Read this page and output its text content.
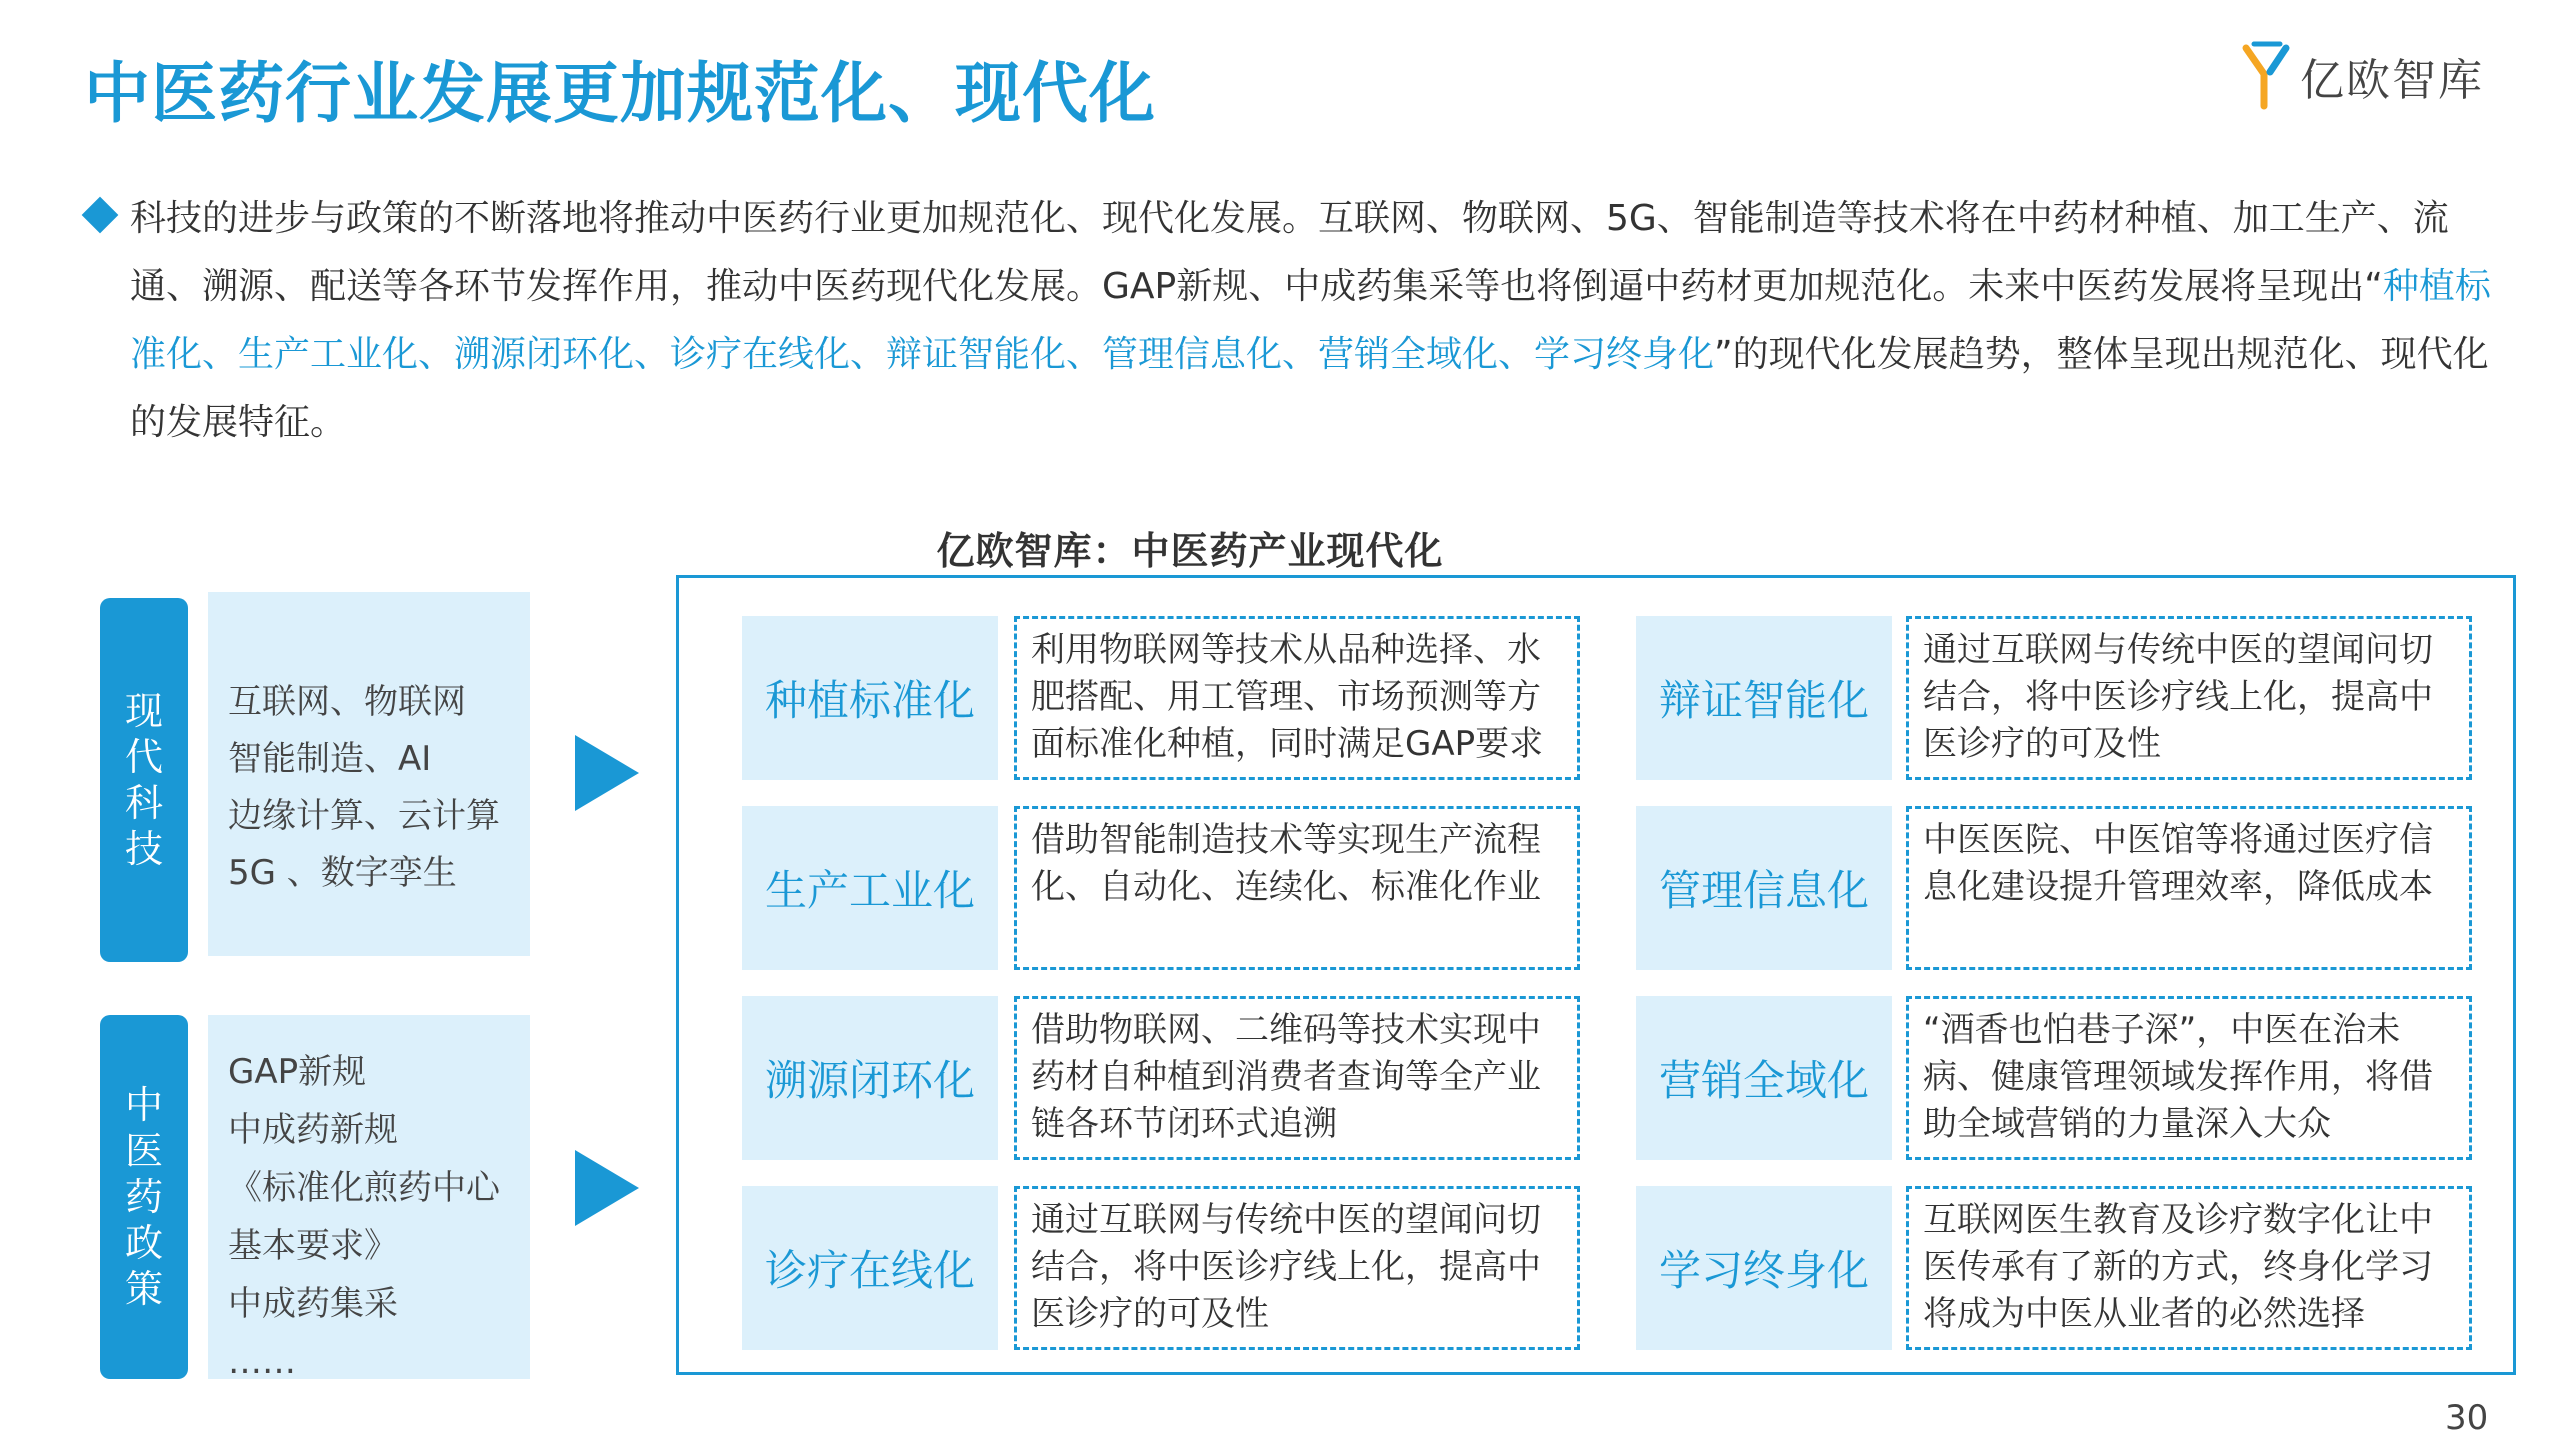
中医药行业发展更加规范化、现代化	亿欧智库
科技的进步与政策的不断落地将推动中医药行业更加规范化、现代化发展。互联网、物联网、5G、智能制造等技术将在中药材种植、加工生产、流通、溯源、配送等各环节发挥作用，推动中医药现代化发展。GAP新规、中成药集采等也将倒逼中药材更加规范化。未来中医药发展将呈现出“种植标准化、生产工业化、溯源闭环化、诊疗在线化、辩证智能化、管理信息化、营销全域化、学习终身化”的现代化发展趋势，整体呈现出规范化、现代化的发展特征。
亿欧智库：中医药产业现代化
现代科技
互联网、物联网
智能制造、AI
边缘计算、云计算
5G 、数字孪生
中医药政策
GAP新规
中成药新规
《标准化煎药中心
基本要求》
中成药集采
……
种植标准化
利用物联网等技术从品种选择、水肥搭配、用工管理、市场预测等方面标准化种植，同时满足GAP要求
生产工业化
借助智能制造技术等实现生产流程化、自动化、连续化、标准化作业
溯源闭环化
借助物联网、二维码等技术实现中药材自种植到消费者查询等全产业链各环节闭环式追溯
诊疗在线化
通过互联网与传统中医的望闻问切结合，将中医诊疗线上化，提高中医诊疗的可及性
辩证智能化
通过互联网与传统中医的望闻问切结合，将中医诊疗线上化，提高中医诊疗的可及性
管理信息化
中医医院、中医馆等将通过医疗信息化建设提升管理效率，降低成本
营销全域化
“酒香也怕巷子深”，中医在治未病、健康管理领域发挥作用，将借助全域营销的力量深入大众
学习终身化
互联网医生教育及诊疗数字化让中医传承有了新的方式，终身化学习将成为中医从业者的必然选择
30
